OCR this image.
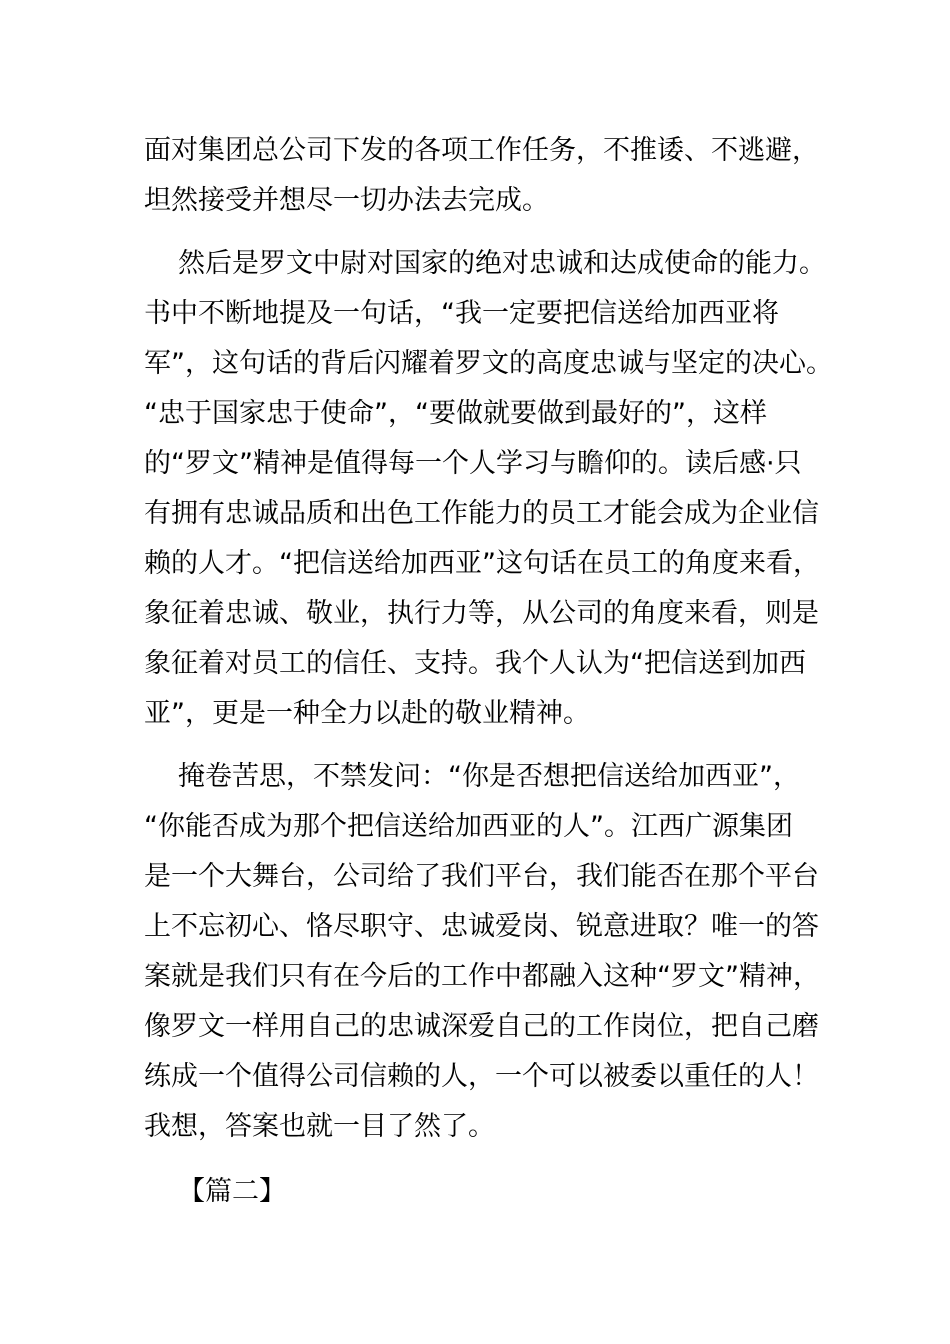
面对集团总公司下发的各项工作任务，不推诿、不逃避，
坦然接受并想尽一切办法去完成。
然后是罗文中尉对国家的绝对忠诚和达成使命的能力。
书中不断地提及一句话，“我一定要把信送给加西亚将
军”，这句话的背后闪耀着罗文的高度忠诚与坚定的决心。
“忠于国家忠于使命”，“要做就要做到最好的”，这样
的“罗文”精神是值得每一个人学习与瞻仰的。读后感·只
有拥有忠诚品质和出色工作能力的员工才能会成为企业信
赖的人才。“把信送给加西亚”这句话在员工的角度来看，
象征着忠诚、敬业，执行力等，从公司的角度来看，则是
象征着对员工的信任、支持。我个人认为“把信送到加西
亚”，更是一种全力以赴的敬业精神。
掩卷苦思，不禁发问：“你是否想把信送给加西亚”，
“你能否成为那个把信送给加西亚的人”。江西广源集团
是一个大舞台，公司给了我们平台，我们能否在那个平台
上不忘初心、恪尽职守、忠诚爱岗、锐意进取？唯一的答
案就是我们只有在今后的工作中都融入这种“罗文”精神，
像罗文一样用自己的忠诚深爱自己的工作岗位，把自己磨
练成一个值得公司信赖的人，一个可以被委以重任的人！
我想，答案也就一目了然了。
【篇二】
